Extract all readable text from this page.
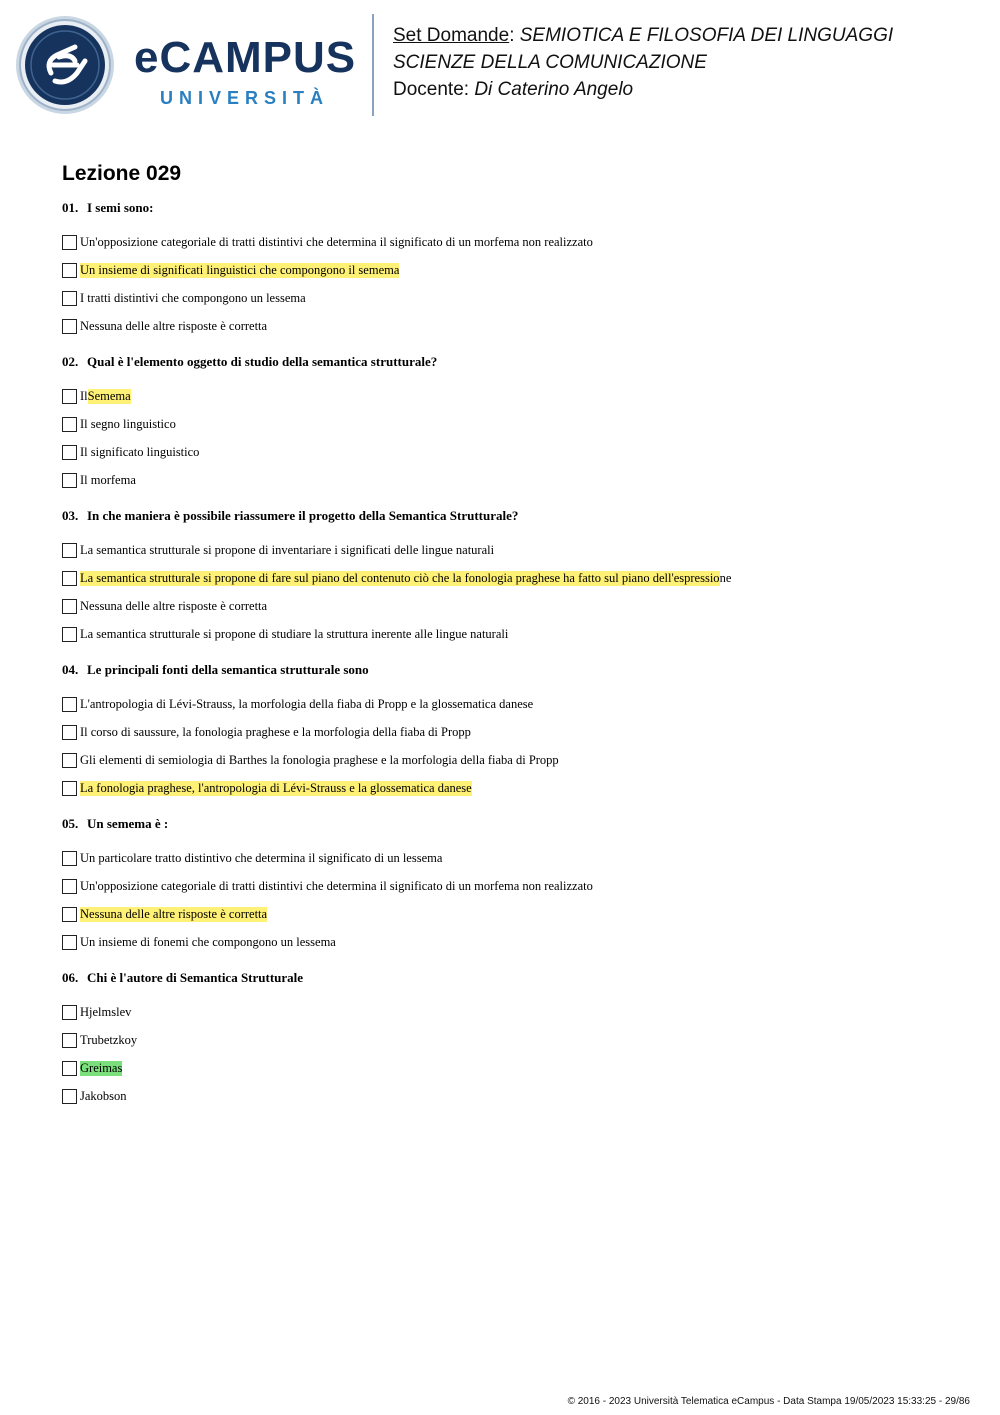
eCAMPUS
UNIVERSITÀ
Set Domande: SEMIOTICA E FILOSOFIA DEI LINGUAGGI
SCIENZE DELLA COMUNICAZIONE
Docente: Di Caterino Angelo
Lezione 029
01. I semi sono:
Un'opposizione categoriale di tratti distintivi che determina il significato di un morfema non realizzato
Un insieme di significati linguistici che compongono il semema
I tratti distintivi che compongono un lessema
Nessuna delle altre risposte è corretta
02. Qual è l'elemento oggetto di studio della semantica strutturale?
Il Semema
Il segno linguistico
Il significato linguistico
Il morfema
03. In che maniera è possibile riassumere il progetto della Semantica Strutturale?
La semantica strutturale si propone di inventariare i significati delle lingue naturali
La semantica strutturale si propone di fare sul piano del contenuto ciò che la fonologia praghese ha fatto sul piano dell'espressio ne
Nessuna delle altre risposte è corretta
La semantica strutturale si propone di studiare la struttura inerente alle lingue naturali
04. Le principali fonti della semantica strutturale sono
L'antropologia di Lévi-Strauss, la morfologia della fiaba di Propp e la glossematica danese
Il corso di saussure, la fonologia praghese e la morfologia della fiaba di Propp
Gli elementi di semiologia di Barthes la fonologia praghese e la morfologia della fiaba di Propp
La fonologia praghese, l'antropologia di Lévi-Strauss e la glossematica danese
05. Un semema è :
Un particolare tratto distintivo che determina il significato di un lessema
Un'opposizione categoriale di tratti distintivi che determina il significato di un morfema non realizzato
Nessuna delle altre risposte è corretta
Un insieme di fonemi che compongono un lessema
06. Chi è l'autore di Semantica Strutturale
Hjelmslev
Trubetzkoy
Greimas
Jakobson
© 2016 - 2023 Università Telematica eCampus - Data Stampa 19/05/2023 15:33:25 - 29/86
